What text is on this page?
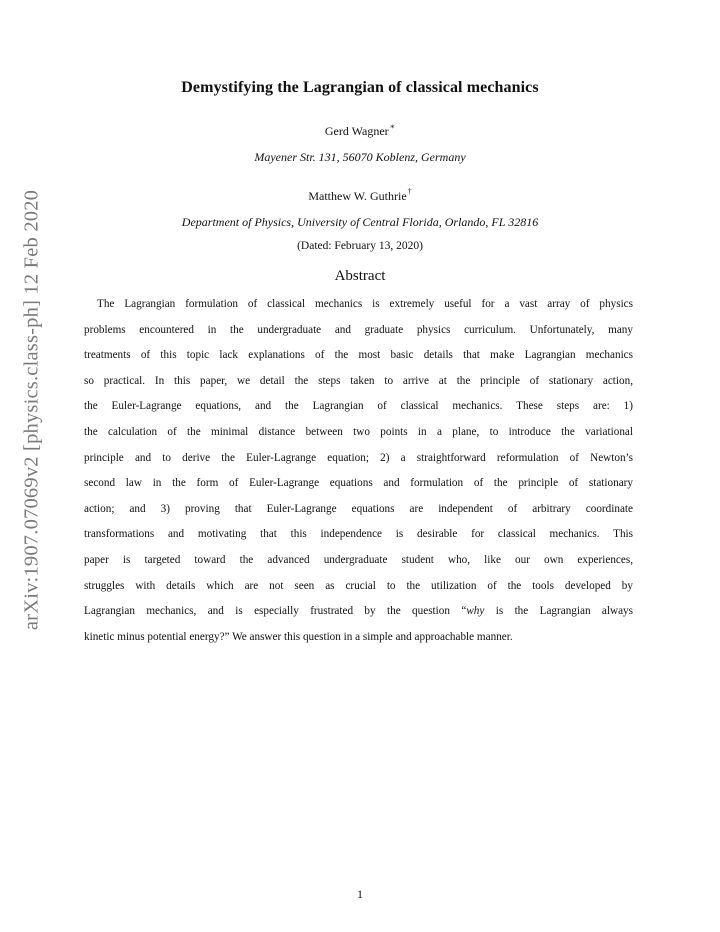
arXiv:1907.07069v2 [physics.class-ph] 12 Feb 2020
Demystifying the Lagrangian of classical mechanics
Gerd Wagner∗
Mayener Str. 131, 56070 Koblenz, Germany
Matthew W. Guthrie†
Department of Physics, University of Central Florida, Orlando, FL 32816
(Dated: February 13, 2020)
Abstract
The Lagrangian formulation of classical mechanics is extremely useful for a vast array of physics
problems encountered in the undergraduate and graduate physics curriculum. Unfortunately, many
treatments of this topic lack explanations of the most basic details that make Lagrangian mechanics
so practical. In this paper, we detail the steps taken to arrive at the principle of stationary action,
the Euler-Lagrange equations, and the Lagrangian of classical mechanics. These steps are: 1)
the calculation of the minimal distance between two points in a plane, to introduce the variational
principle and to derive the Euler-Lagrange equation; 2) a straightforward reformulation of Newton’s
second law in the form of Euler-Lagrange equations and formulation of the principle of stationary
action; and 3) proving that Euler-Lagrange equations are independent of arbitrary coordinate
transformations and motivating that this independence is desirable for classical mechanics. This
paper is targeted toward the advanced undergraduate student who, like our own experiences,
struggles with details which are not seen as crucial to the utilization of the tools developed by
Lagrangian mechanics, and is especially frustrated by the question “why is the Lagrangian always
kinetic minus potential energy?” We answer this question in a simple and approachable manner.
1
